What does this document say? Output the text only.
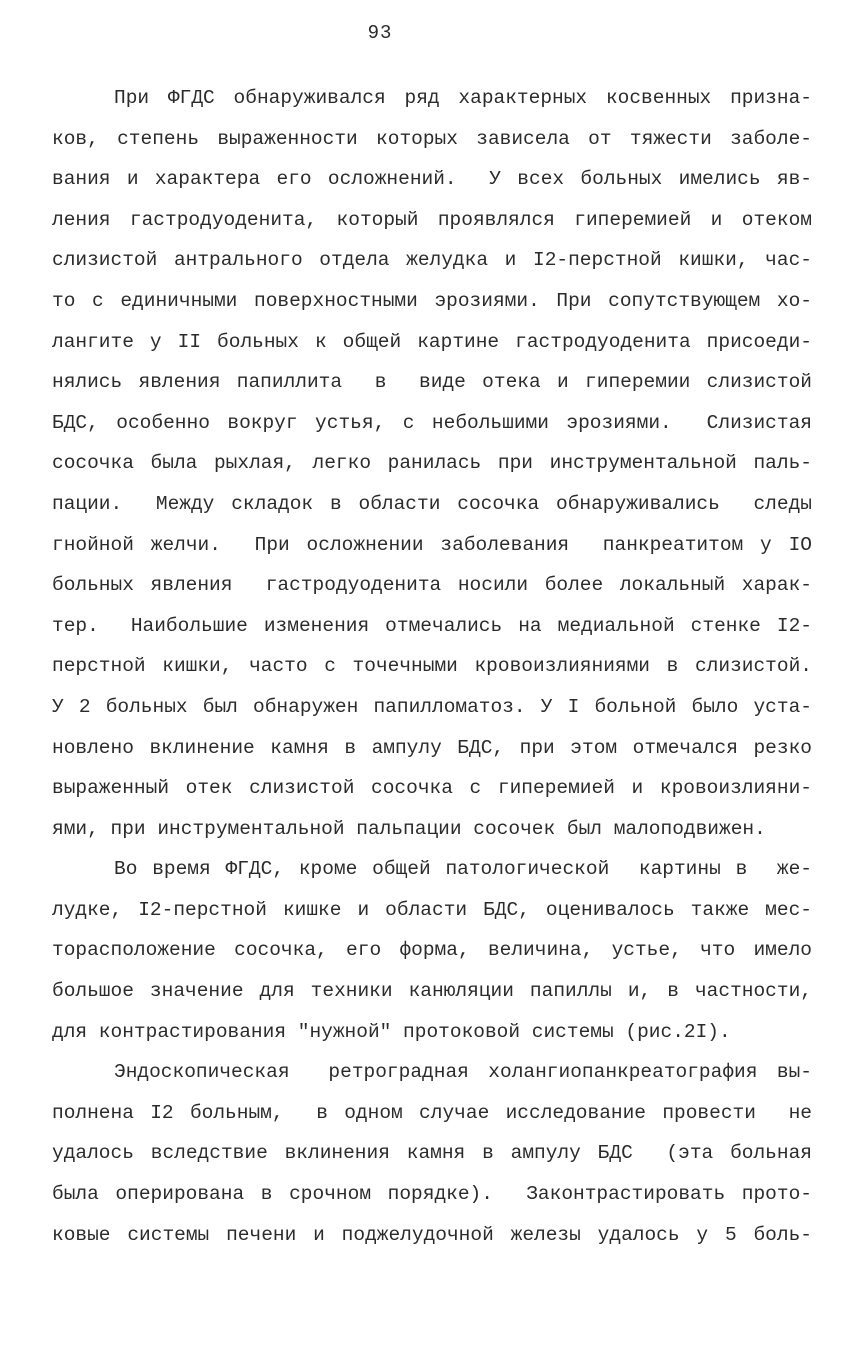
93
При ФГДС обнаруживался ряд характерных косвенных призна-
ков, степень выраженности которых зависела от тяжести заболе-
вания и характера его осложнений.  У всех больных имелись яв-
ления гастродуоденита, который проявлялся гиперемией и отеком
слизистой антрального отдела желудка и I2-перстной кишки, час-
то с единичными поверхностными эрозиями. При сопутствующем хо-
лангите у II больных к общей картине гастродуоденита присоеди-
нялись явления папиллита  в  виде отека и гиперемии слизистой
БДС, особенно вокруг устья, с небольшими эрозиями.  Слизистая
сосочка была рыхлая, легко ранилась при инструментальной паль-
пации.  Между складок в области сосочка обнаруживались  следы
гнойной желчи.  При осложнении заболевания  панкреатитом у IO
больных явления  гастродуоденита носили более локальный харак-
тер.  Наибольшие изменения отмечались на медиальной стенке I2-
перстной кишки, часто с точечными кровоизлияниями в слизистой.
У 2 больных был обнаружен папилломатоз. У I больной было уста-
новлено вклинение камня в ампулу БДС, при этом отмечался резко
выраженный отек слизистой сосочка с гиперемией и кровоизлияни-
ями, при инструментальной пальпации сосочек был малоподвижен.
Во время ФГДС, кроме общей патологической  картины в  же-
лудке, I2-перстной кишке и области БДС, оценивалось также мес-
торасположение сосочка, его форма, величина, устье, что имело
большое значение для техники канюляции папиллы и, в частности,
для контрастирования "нужной" протоковой системы (рис.2I).
Эндоскопическая  ретроградная холангиопанкреатография вы-
полнена I2 больным,  в одном случае исследование провести  не
удалось вследствие вклинения камня в ампулу БДС  (эта больная
была оперирована в срочном порядке).  Законтрастировать прото-
ковые системы печени и поджелудочной железы удалось у 5 боль-
